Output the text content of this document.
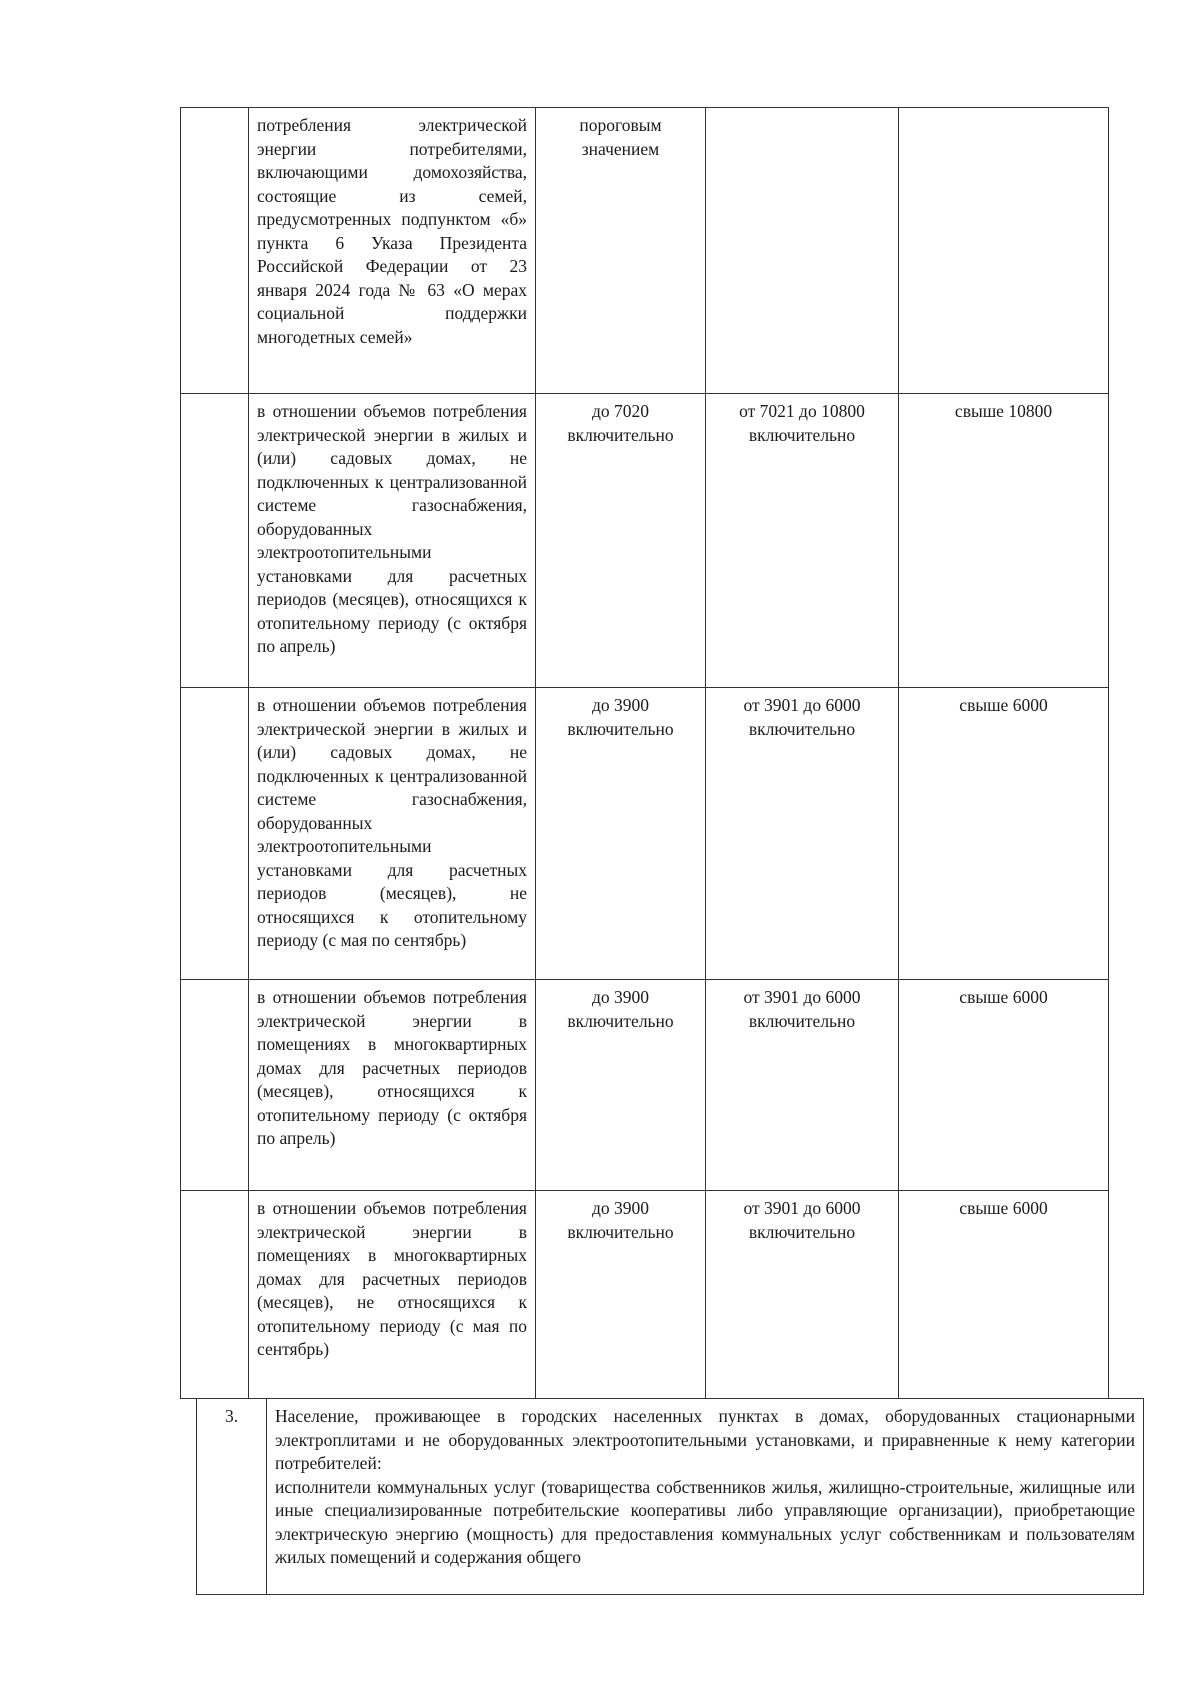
	потребления электрической энергии потребителями, включающими домохозяйства, состоящие из семей, предусмотренных подпунктом «б» пункта 6 Указа Президента Российской Федерации от 23 января 2024 года № 63 «О мерах социальной поддержки многодетных семей»	пороговым значением		
	в отношении объемов потребления электрической энергии в жилых и (или) садовых домах, не подключенных к централизованной системе газоснабжения, оборудованных электроотопительными установками для расчетных периодов (месяцев), относящихся к отопительному периоду (с октября по апрель)	до 7020 включительно	от 7021 до 10800 включительно	свыше 10800
	в отношении объемов потребления электрической энергии в жилых и (или) садовых домах, не подключенных к централизованной системе газоснабжения, оборудованных электроотопительными установками для расчетных периодов (месяцев), не относящихся к отопительному периоду (с мая по сентябрь)	до 3900 включительно	от 3901 до 6000 включительно	свыше 6000
	в отношении объемов потребления электрической энергии в помещениях в многоквартирных домах для расчетных периодов (месяцев), относящихся к отопительному периоду (с октября по апрель)	до 3900 включительно	от 3901 до 6000 включительно	свыше 6000
	в отношении объемов потребления электрической энергии в помещениях в многоквартирных домах для расчетных периодов (месяцев), не относящихся к отопительному периоду (с мая по сентябрь)	до 3900 включительно	от 3901 до 6000 включительно	свыше 6000
3.	Население, проживающее в городских населенных пунктах в домах, оборудованных стационарными электроплитами и не оборудованных электроотопительными установками, и приравненные к нему категории потребителей:
исполнители коммунальных услуг (товарищества собственников жилья, жилищно-строительные, жилищные или иные специализированные потребительские кооперативы либо управляющие организации), приобретающие электрическую энергию (мощность) для предоставления коммунальных услуг собственникам и пользователям жилых помещений и содержания общего
